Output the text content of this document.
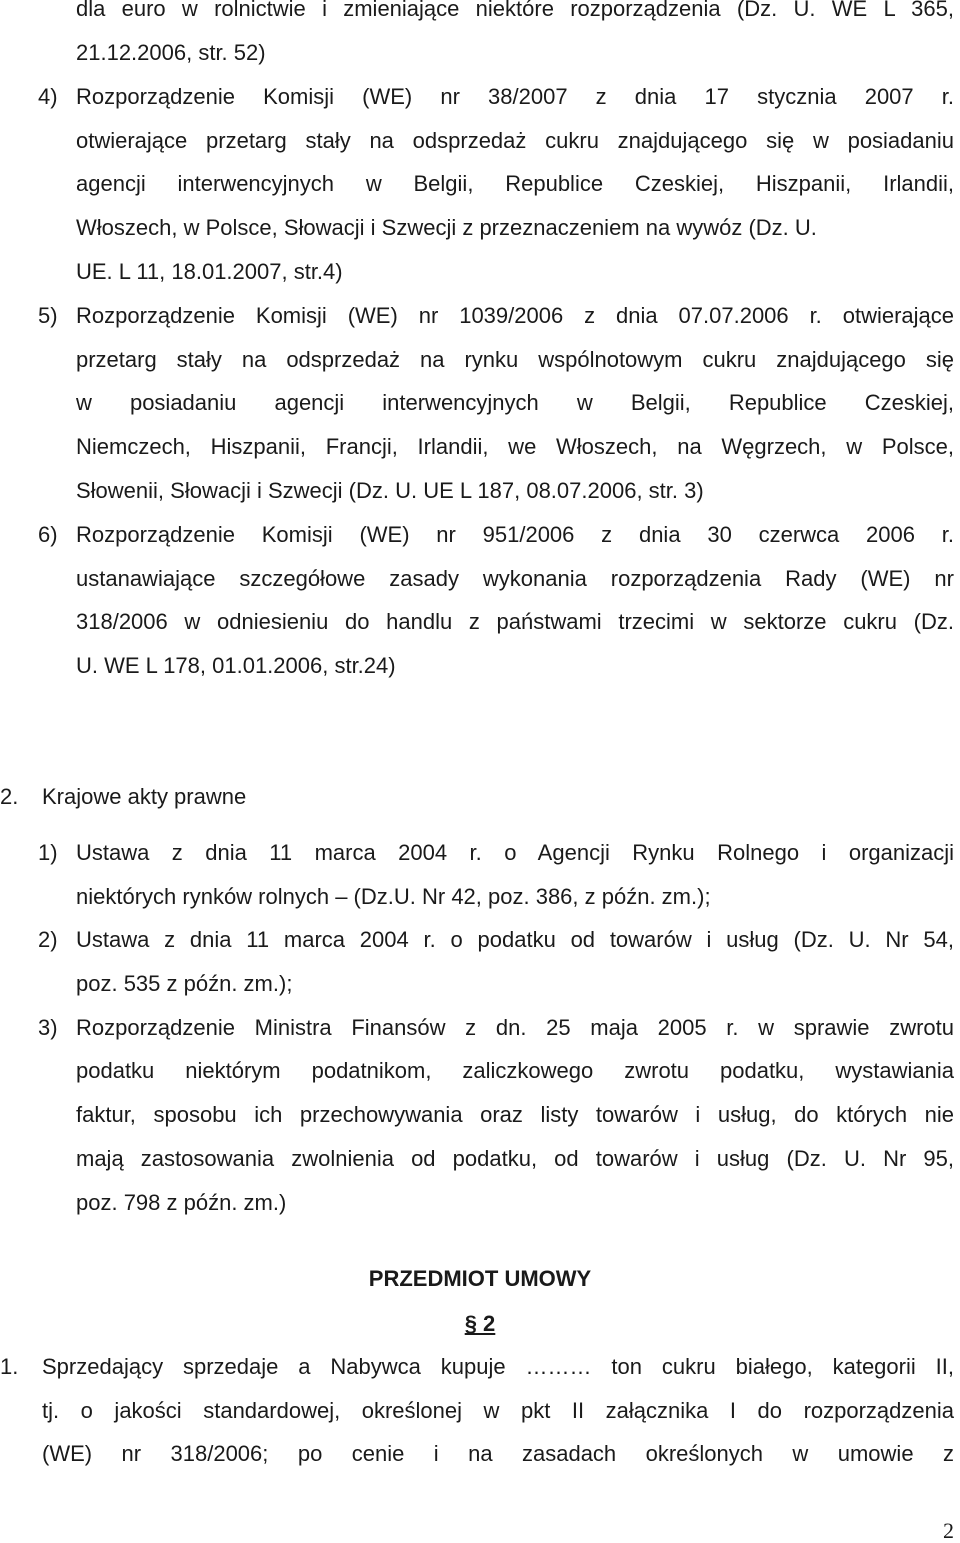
dla euro w rolnictwie i zmieniające niektóre rozporządzenia (Dz. U. WE L 365,
21.12.2006, str. 52)
4) Rozporządzenie Komisji (WE) nr 38/2007 z dnia 17 stycznia 2007 r.
otwierające przetarg stały na odsprzedaż cukru znajdującego się w posiadaniu
agencji interwencyjnych w Belgii, Republice Czeskiej, Hiszpanii, Irlandii,
Włoszech, w Polsce, Słowacji i Szwecji z przeznaczeniem na wywóz (Dz. U.
UE. L 11, 18.01.2007, str.4)
5) Rozporządzenie Komisji (WE) nr 1039/2006 z dnia 07.07.2006 r. otwierające
przetarg stały na odsprzedaż na rynku wspólnotowym cukru znajdującego się
w posiadaniu agencji interwencyjnych w Belgii, Republice Czeskiej,
Niemczech, Hiszpanii, Francji, Irlandii, we Włoszech, na Węgrzech, w Polsce,
Słowenii, Słowacji i Szwecji (Dz. U. UE L 187, 08.07.2006, str. 3)
6) Rozporządzenie Komisji (WE) nr 951/2006 z dnia 30 czerwca 2006 r.
ustanawiające szczegółowe zasady wykonania rozporządzenia Rady (WE) nr
318/2006 w odniesieniu do handlu z państwami trzecimi w sektorze cukru (Dz.
U. WE L 178, 01.01.2006, str.24)
2. Krajowe akty prawne
1) Ustawa z dnia 11 marca 2004 r. o Agencji Rynku Rolnego i organizacji
niektórych rynków rolnych – (Dz.U. Nr 42, poz. 386, z późn. zm.);
2) Ustawa z dnia 11 marca 2004 r. o podatku od towarów i usług (Dz. U. Nr 54,
poz. 535 z późn. zm.);
3) Rozporządzenie Ministra Finansów z dn. 25 maja 2005 r. w sprawie zwrotu
podatku niektórym podatnikom, zaliczkowego zwrotu podatku, wystawiania
faktur, sposobu ich przechowywania oraz listy towarów i usług, do których nie
mają zastosowania zwolnienia od podatku, od towarów i usług (Dz. U. Nr 95,
poz. 798 z późn. zm.)
PRZEDMIOT UMOWY
§ 2
1. Sprzedający sprzedaje a Nabywca kupuje ……… ton cukru białego, kategorii II,
tj. o jakości standardowej, określonej w pkt II załącznika I do rozporządzenia
(WE) nr 318/2006; po cenie i na zasadach określonych w umowie z
2
